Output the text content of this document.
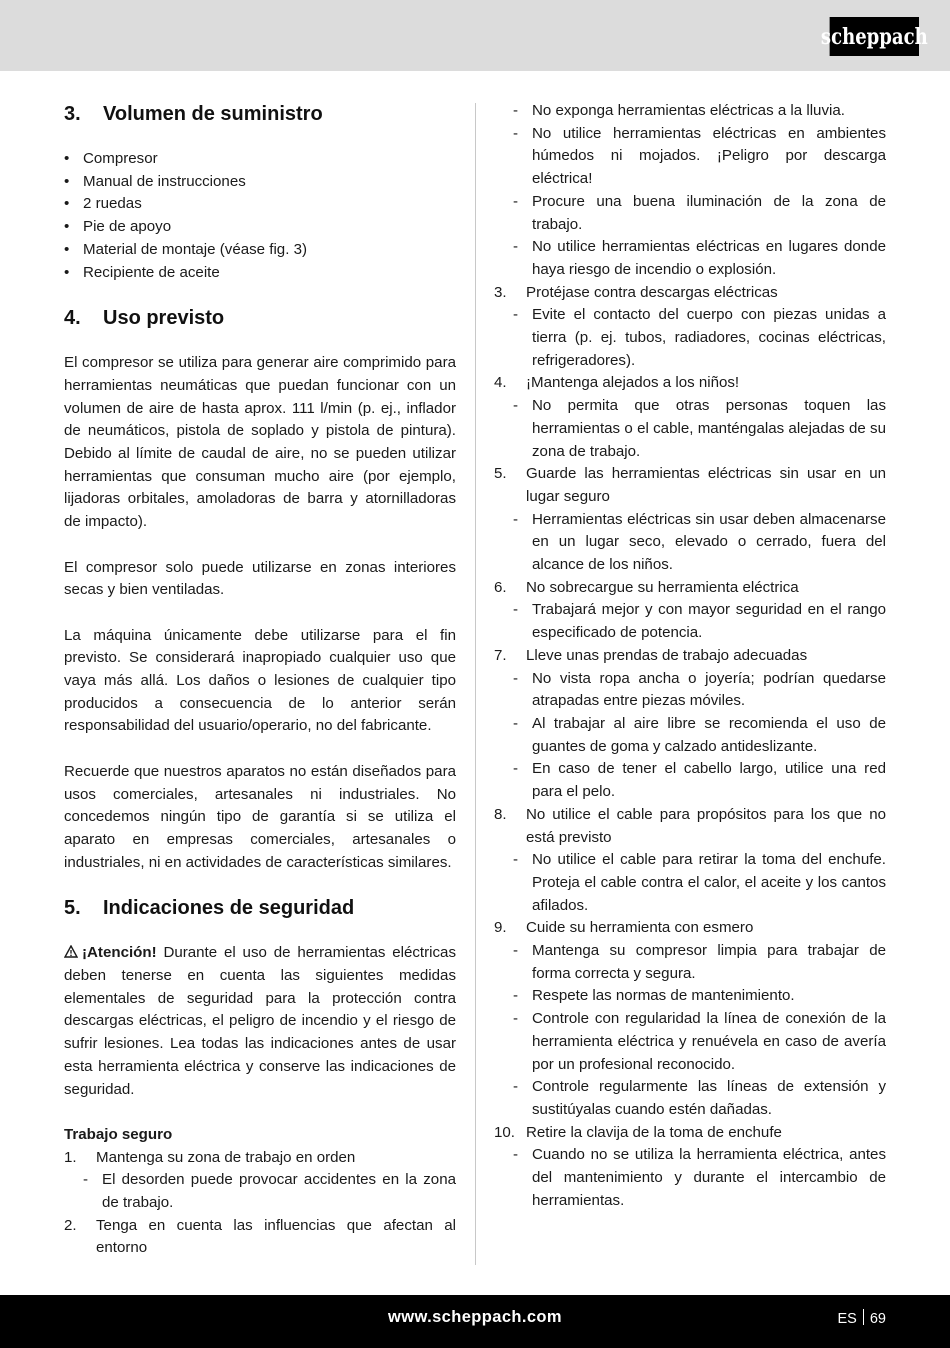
scheppach
3. Volumen de suministro
• Compresor
• Manual de instrucciones
• 2 ruedas
• Pie de apoyo
• Material de montaje (véase fig. 3)
• Recipiente de aceite
4. Uso previsto

El compresor se utiliza para generar aire comprimido para herramientas neumáticas que puedan funcionar con un volumen de aire de hasta aprox. 111 l/min (p. ej., inflador de neumáticos, pistola de soplado y pistola de pintura). Debido al límite de caudal de aire, no se pueden utilizar herramientas que consuman mucho aire (por ejemplo, lijadoras orbitales, amoladoras de barra y atornilladoras de impacto).

El compresor solo puede utilizarse en zonas interiores secas y bien ventiladas.

La máquina únicamente debe utilizarse para el fin previsto. Se considerará inapropiado cualquier uso que vaya más allá. Los daños o lesiones de cualquier tipo producidos a consecuencia de lo anterior serán responsabilidad del usuario/operario, no del fabricante.

Recuerde que nuestros aparatos no están diseñados para usos comerciales, artesanales ni industriales. No concedemos ningún tipo de garantía si se utiliza el aparato en empresas comerciales, artesanales o industriales, ni en actividades de características similares.

5. Indicaciones de seguridad

¡Atención! Durante el uso de herramientas eléctricas deben tenerse en cuenta las siguientes medidas elementales de seguridad para la protección contra descargas eléctricas, el peligro de incendio y el riesgo de sufrir lesiones. Lea todas las indicaciones antes de usar esta herramienta eléctrica y conserve las indicaciones de seguridad.

Trabajo seguro
1. Mantenga su zona de trabajo en orden
- El desorden puede provocar accidentes en la zona de trabajo.
2. Tenga en cuenta las influencias que afectan al entorno
- No exponga herramientas eléctricas a la lluvia.
- No utilice herramientas eléctricas en ambientes húmedos ni mojados. ¡Peligro por descarga eléctrica!
- Procure una buena iluminación de la zona de trabajo.
- No utilice herramientas eléctricas en lugares donde haya riesgo de incendio o explosión.
3. Protéjase contra descargas eléctricas
- Evite el contacto del cuerpo con piezas unidas a tierra (p. ej. tubos, radiadores, cocinas eléctricas, refrigeradores).
4. ¡Mantenga alejados a los niños!
- No permita que otras personas toquen las herramientas o el cable, manténgalas alejadas de su zona de trabajo.
5. Guarde las herramientas eléctricas sin usar en un lugar seguro
- Herramientas eléctricas sin usar deben almacenarse en un lugar seco, elevado o cerrado, fuera del alcance de los niños.
6. No sobrecargue su herramienta eléctrica
- Trabajará mejor y con mayor seguridad en el rango especificado de potencia.
7. Lleve unas prendas de trabajo adecuadas
- No vista ropa ancha o joyería; podrían quedarse atrapadas entre piezas móviles.
- Al trabajar al aire libre se recomienda el uso de guantes de goma y calzado antideslizante.
- En caso de tener el cabello largo, utilice una red para el pelo.
8. No utilice el cable para propósitos para los que no está previsto
- No utilice el cable para retirar la toma del enchufe. Proteja el cable contra el calor, el aceite y los cantos afilados.
9. Cuide su herramienta con esmero
- Mantenga su compresor limpia para trabajar de forma correcta y segura.
- Respete las normas de mantenimiento.
- Controle con regularidad la línea de conexión de la herramienta eléctrica y renuévela en caso de avería por un profesional reconocido.
- Controle regularmente las líneas de extensión y sustitúyalas cuando estén dañadas.
10. Retire la clavija de la toma de enchufe
- Cuando no se utiliza la herramienta eléctrica, antes del mantenimiento y durante el intercambio de herramientas.
www.scheppach.com	ES 69
